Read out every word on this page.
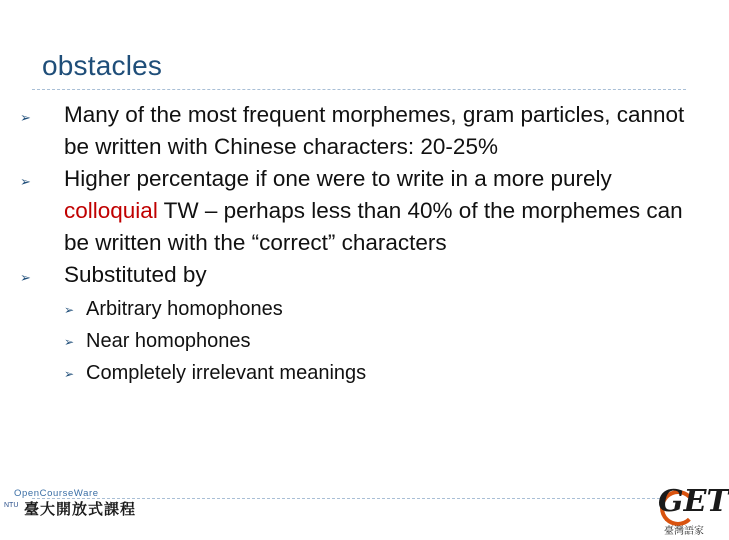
obstacles
➢ Many of the most frequent morphemes, gram particles, cannot be written with Chinese characters: 20-25%
➢ Higher percentage if one were to write in a more purely colloquial TW – perhaps less than 40% of the morphemes can be written with the “correct” characters
➢ Substituted by
➢ Arbitrary homophones
➢ Near homophones
➢ Completely irrelevant meanings
NTU
OpenCourseWare
臺大開放式課程	GET
臺灣語家
